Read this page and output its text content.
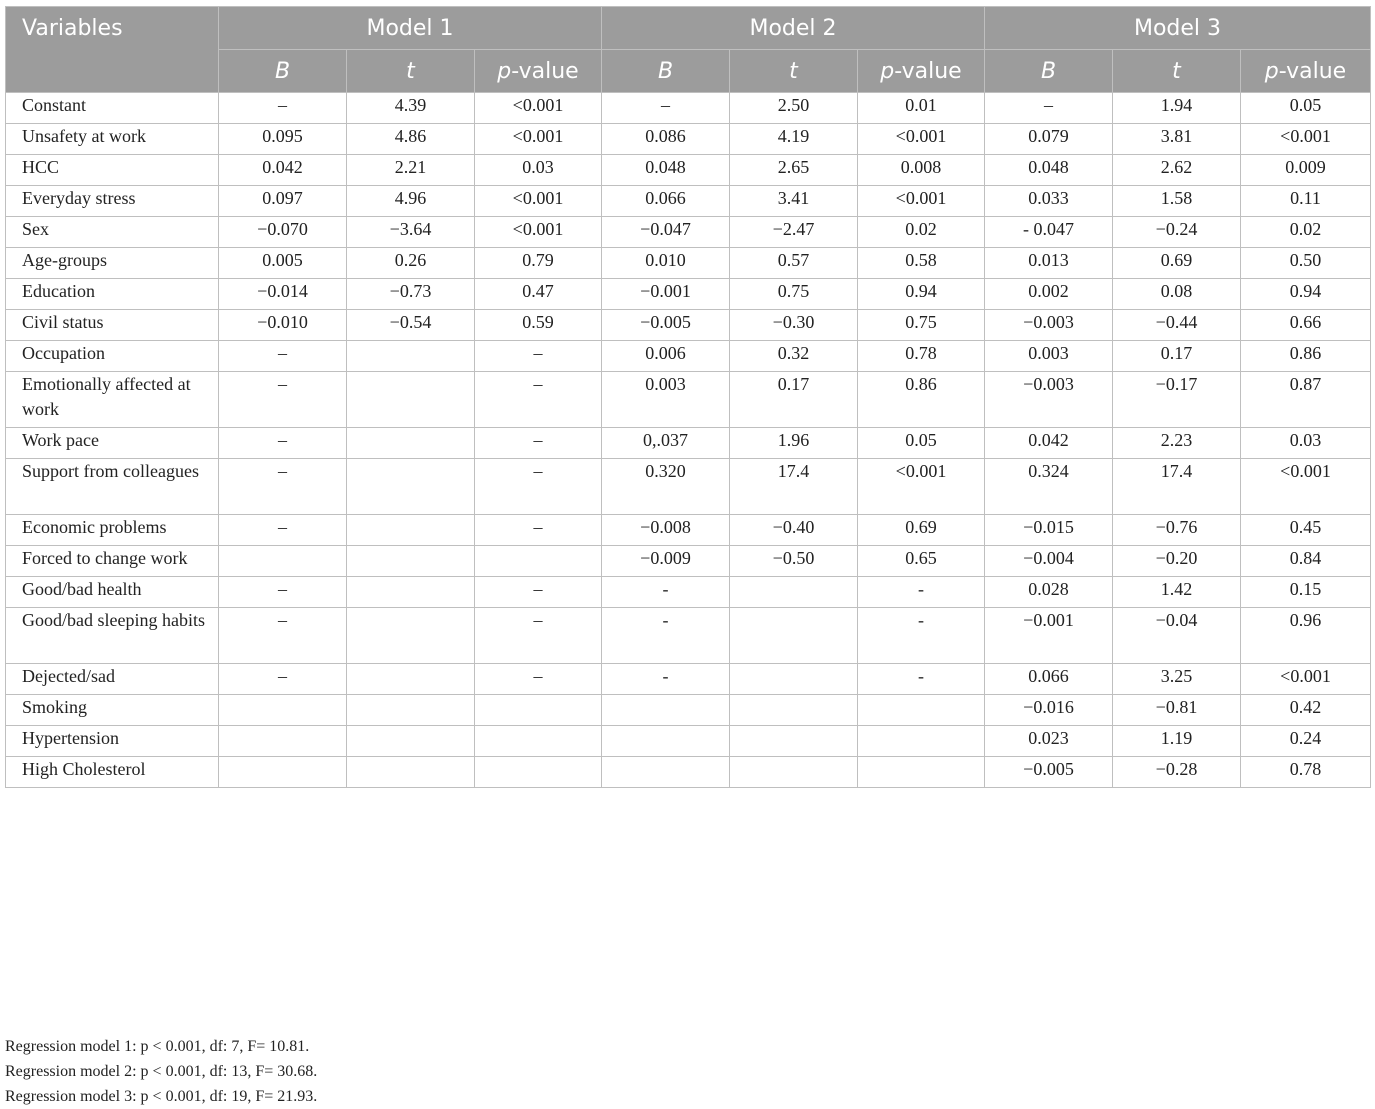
Variables	Model 1			Model 2			Model 3		
	B	t	p-value	B	t	p-value	B	t	p-value
Constant	–	4.39	<0.001	–	2.50	0.01	–	1.94	0.05
Unsafety at work	0.095	4.86	<0.001	0.086	4.19	<0.001	0.079	3.81	<0.001
HCC	0.042	2.21	0.03	0.048	2.65	0.008	0.048	2.62	0.009
Everyday stress	0.097	4.96	<0.001	0.066	3.41	<0.001	0.033	1.58	0.11
Sex	−0.070	−3.64	<0.001	−0.047	−2.47	0.02	- 0.047	−0.24	0.02
Age-groups	0.005	0.26	0.79	0.010	0.57	0.58	0.013	0.69	0.50
Education	−0.014	−0.73	0.47	−0.001	0.75	0.94	0.002	0.08	0.94
Civil status	−0.010	−0.54	0.59	−0.005	−0.30	0.75	−0.003	−0.44	0.66
Occupation	–		–	0.006	0.32	0.78	0.003	0.17	0.86
Emotionally affected at work	–		–	0.003	0.17	0.86	−0.003	−0.17	0.87
Work pace	–		–	0,.037	1.96	0.05	0.042	2.23	0.03
Support from colleagues	–		–	0.320	17.4	<0.001	0.324	17.4	<0.001
Economic problems	–		–	−0.008	−0.40	0.69	−0.015	−0.76	0.45
Forced to change work				−0.009	−0.50	0.65	−0.004	−0.20	0.84
Good/bad health	–		–	-		-	0.028	1.42	0.15
Good/bad sleeping habits	–		–	-		-	−0.001	−0.04	0.96
Dejected/sad	–		–	-		-	0.066	3.25	<0.001
Smoking							−0.016	−0.81	0.42
Hypertension							0.023	1.19	0.24
High Cholesterol							−0.005	−0.28	0.78
Regression model 1: p < 0.001, df: 7, F= 10.81.
Regression model 2: p < 0.001, df: 13, F= 30.68.
Regression model 3: p < 0.001, df: 19, F= 21.93.
